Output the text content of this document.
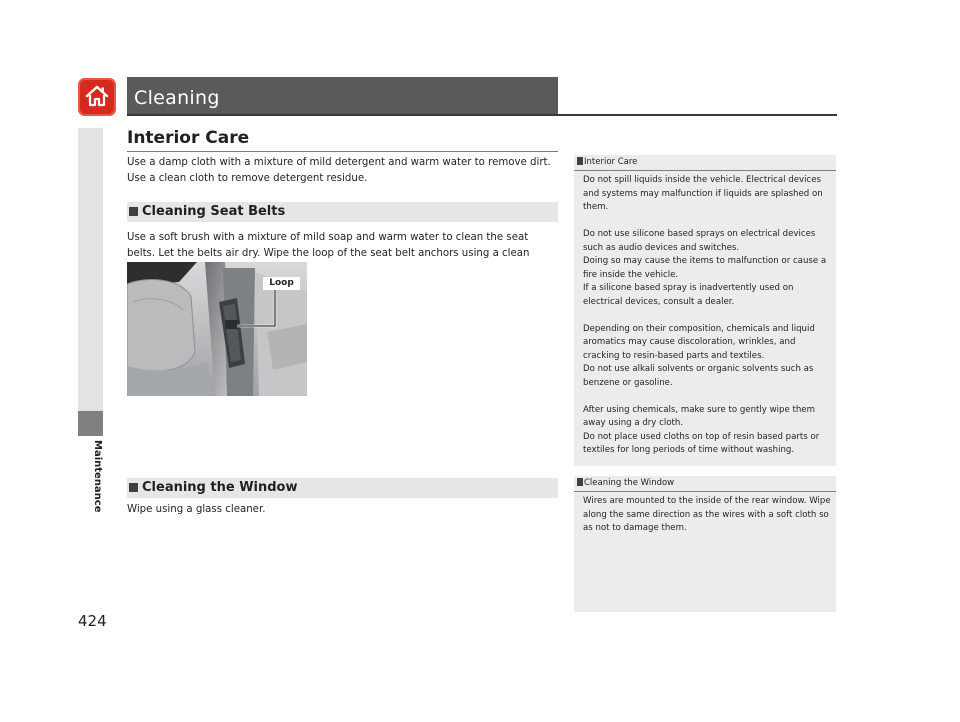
Cleaning
Maintenance
424
Interior Care
Use a damp cloth with a mixture of mild detergent and warm water to remove dirt. Use a clean cloth to remove detergent residue.
Cleaning Seat Belts
Use a soft brush with a mixture of mild soap and warm water to clean the seat belts. Let the belts air dry. Wipe the loop of the seat belt anchors using a clean
Loop
Cleaning the Window
Wipe using a glass cleaner.
Interior Care

Do not spill liquids inside the vehicle. Electrical devices and systems may malfunction if liquids are splashed on them.

Do not use silicone based sprays on electrical devices such as audio devices and switches.
Doing so may cause the items to malfunction or cause a fire inside the vehicle.
If a silicone based spray is inadvertently used on electrical devices, consult a dealer.

Depending on their composition, chemicals and liquid aromatics may cause discoloration, wrinkles, and cracking to resin-based parts and textiles.
Do not use alkali solvents or organic solvents such as benzene or gasoline.

After using chemicals, make sure to gently wipe them away using a dry cloth.
Do not place used cloths on top of resin based parts or textiles for long periods of time without washing.

Cleaning the Window

Wires are mounted to the inside of the rear window. Wipe along the same direction as the wires with a soft cloth so as not to damage them.
